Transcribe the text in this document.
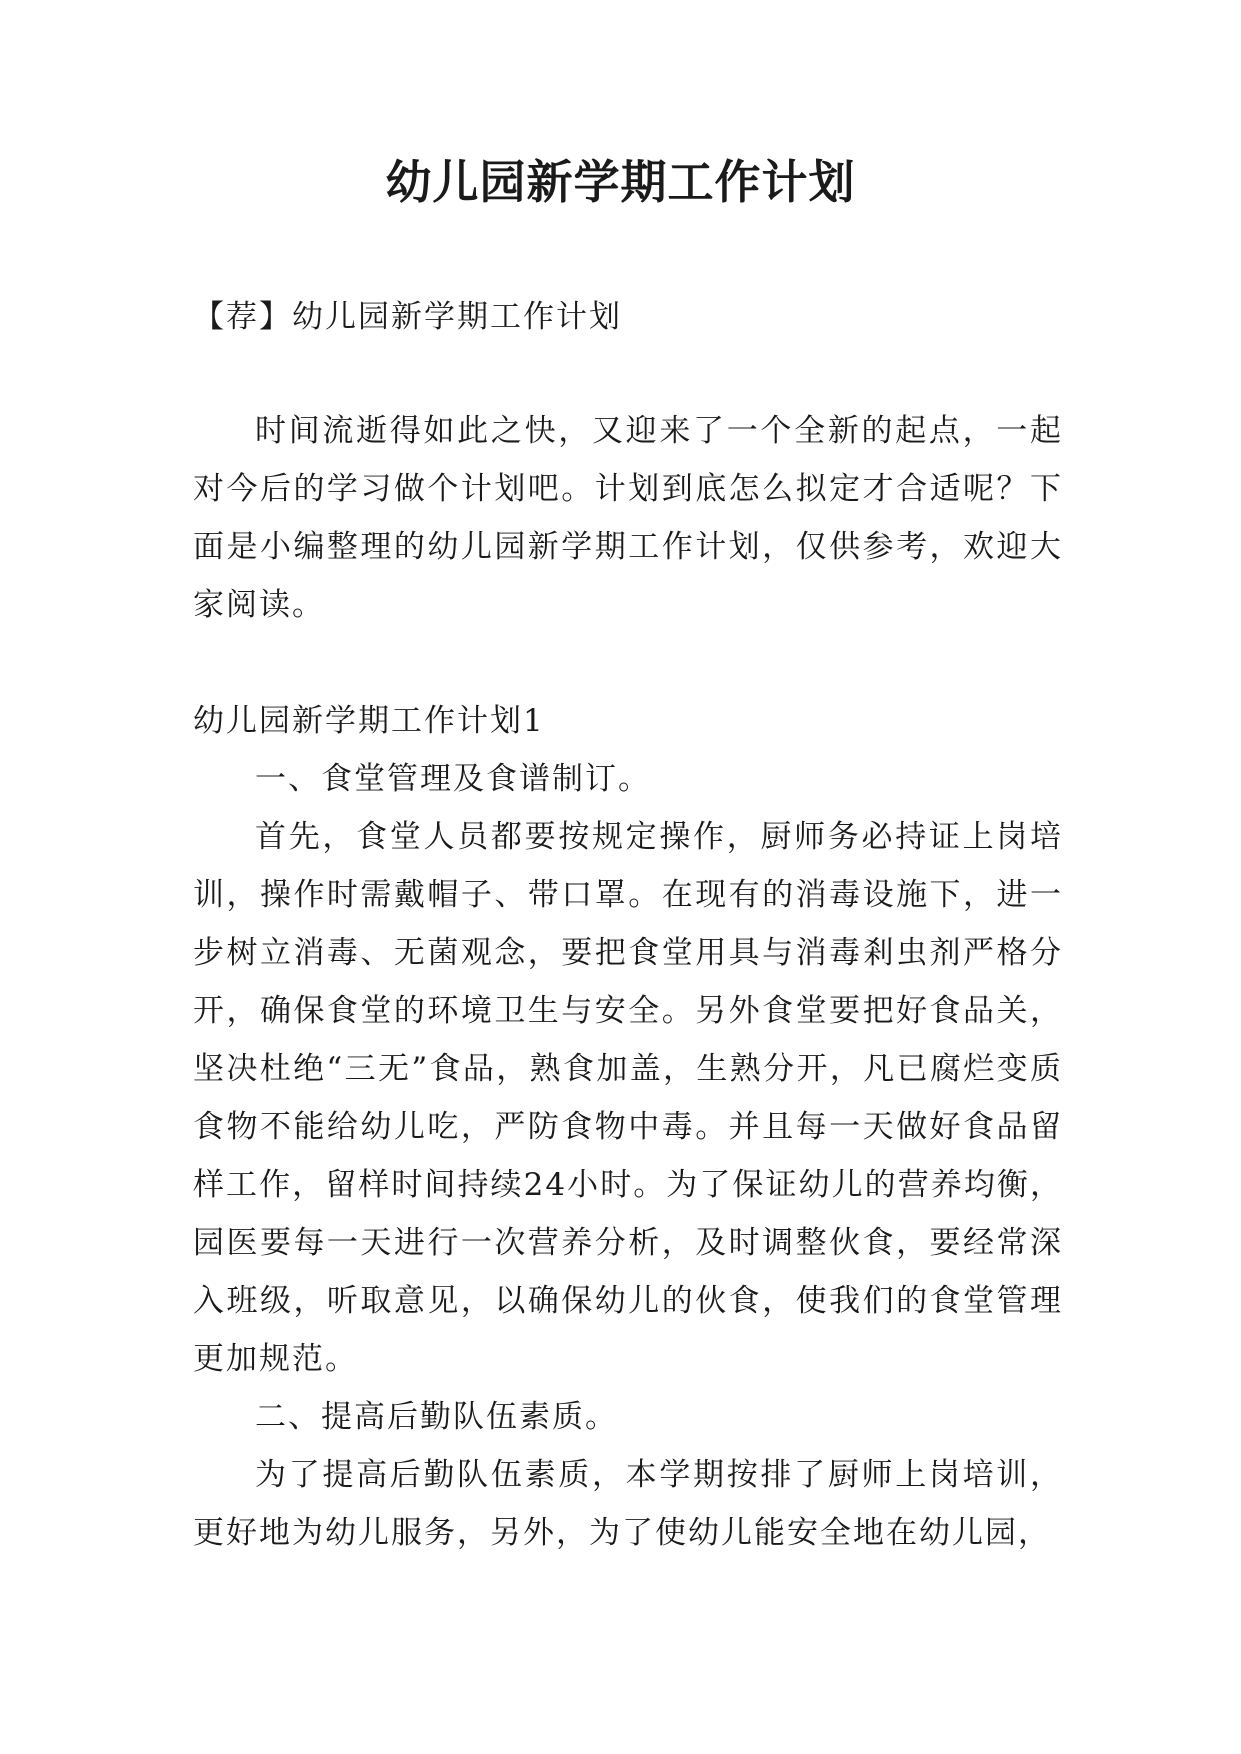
幼儿园新学期工作计划

【荐】幼儿园新学期工作计划

时间流逝得如此之快，又迎来了一个全新的起点，一起对今后的学习做个计划吧。计划到底怎么拟定才合适呢？下面是小编整理的幼儿园新学期工作计划，仅供参考，欢迎大家阅读。

幼儿园新学期工作计划1

一、食堂管理及食谱制订。

首先，食堂人员都要按规定操作，厨师务必持证上岗培训，操作时需戴帽子、带口罩。在现有的消毒设施下，进一步树立消毒、无菌观念，要把食堂用具与消毒剎虫剂严格分开，确保食堂的环境卫生与安全。另外食堂要把好食品关，坚决杜绝“三无”食品，熟食加盖，生熟分开，凡已腐烂变质食物不能给幼儿吃，严防食物中毒。并且每一天做好食品留样工作，留样时间持续24小时。为了保证幼儿的营养均衡，园医要每一天进行一次营养分析，及时调整伙食，要经常深入班级，听取意见，以确保幼儿的伙食，使我们的食堂管理更加规范。

二、提高后勤队伍素质。

为了提高后勤队伍素质，本学期按排了厨师上岗培训，更好地为幼儿服务，另外，为了使幼儿能安全地在幼儿园，
